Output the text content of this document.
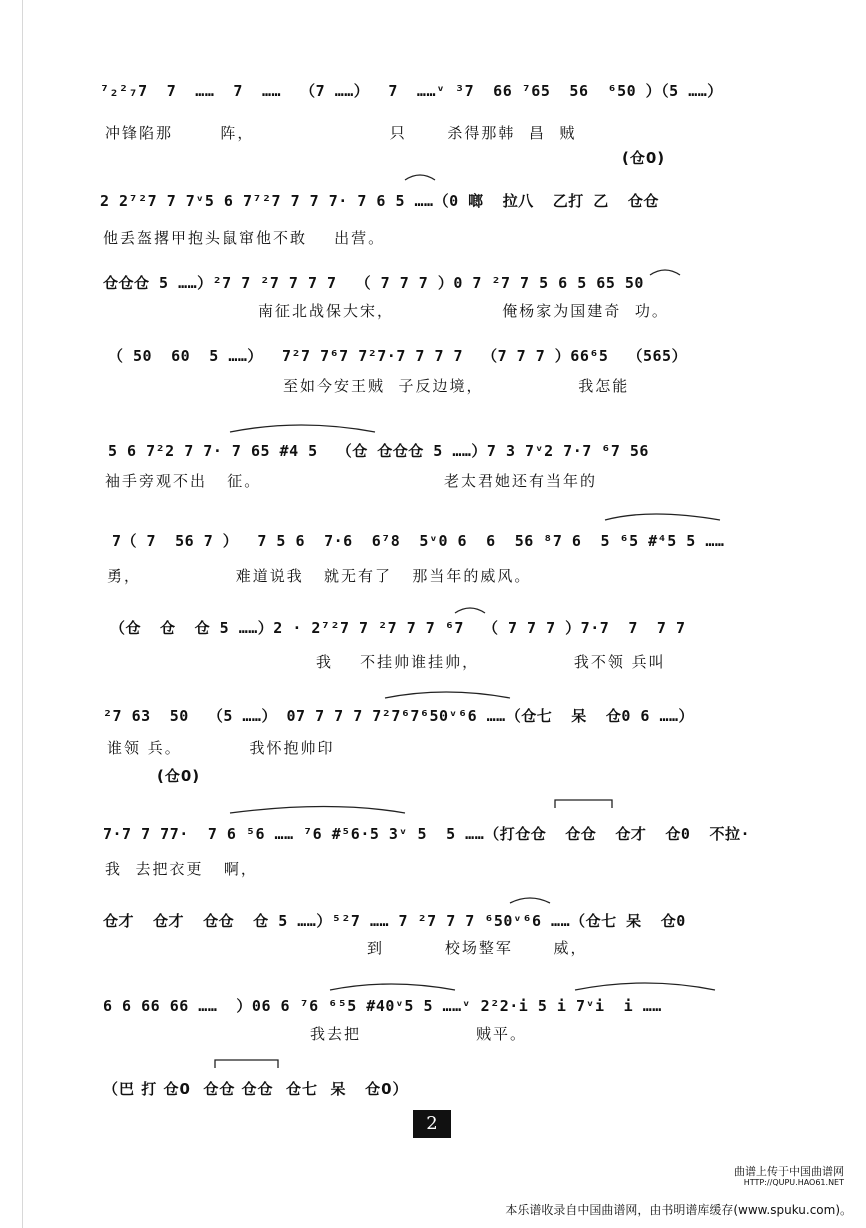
⁷₂²₇7  7  ……  7  ……  （7 ……）  7  ……ᵛ ³7  66 ⁷65  56  ⁶50 ）（5 ……）
冲锋陷那       阵，                    只      杀得那韩  昌  贼
(仓0)
2 2⁷²7 7 7ᵛ5 6 7⁷²7 7 7 7· 7 6 5 ……（0 啷  拉八  乙打 乙  仓仓
他丢盔撂甲抱头鼠窜他不敢    出营。
仓仓仓 5 ……）²7 7 ²7 7 7 7  （ 7 7 7 ）0 7 ²7 7 5 6 5 65 50
南征北战保大宋，                俺杨家为国建奇  功。
（ 50  60  5 ……）  7²7 7⁶7 7²7·7 7 7 7  （7 7 7 ）66⁶5  （565）
至如今安王贼  子反边境，              我怎能
5 6 7²2 7 7· 7 65 #4 5  （仓 仓仓仓 5 ……）7 3 7ᵛ2 7·7 ⁶7 56
袖手旁观不出   征。                           老太君她还有当年的
7（ 7  56 7 ）  7 5 6  7·6  6⁷8  5ᵛ0 6  6  56 ⁸7 6  5 ⁶5 #⁴5 5 ……
勇，              难道说我   就无有了   那当年的威风。
（仓  仓  仓 5 ……）2 · 2⁷²7 7 ²7 7 7 ⁶7  （ 7 7 7 ）7·7  7  7 7
我    不挂帅谁挂帅，              我不领 兵叫
²7 63  50  （5 ……） 07 7 7 7 7²7⁶7⁶50ᵛ⁶6 ……（仓七  呆  仓0 6 ……）
谁领 兵。          我怀抱帅印
(仓0)
7·7 7 77·  7 6 ⁵6 …… ⁷6 #⁵6·5 3ᵛ 5  5 ……（打仓仓  仓仓  仓才  仓0  不拉·
我  去把衣更   啊，
仓才  仓才  仓仓  仓 5 ……）⁵²7 …… 7 ²7 7 7 ⁶50ᵛ⁶6 ……（仓七 呆  仓0
到         校场整军      威，
6 6 66 66 ……  ）06 6 ⁷6 ⁶⁵5 #40ᵛ5 5 ……ᵛ 2²2·i 5 i 7ᵛi  i ……
我去把                 贼平。
（巴 打 仓0  仓仓 仓仓  仓七  呆   仓0）
2
曲谱上传于中国曲谱网
HTTP://QUPU.HAO61.NET
本乐谱收录自中国曲谱网，由书明谱库缓存(www.spuku.com)。
